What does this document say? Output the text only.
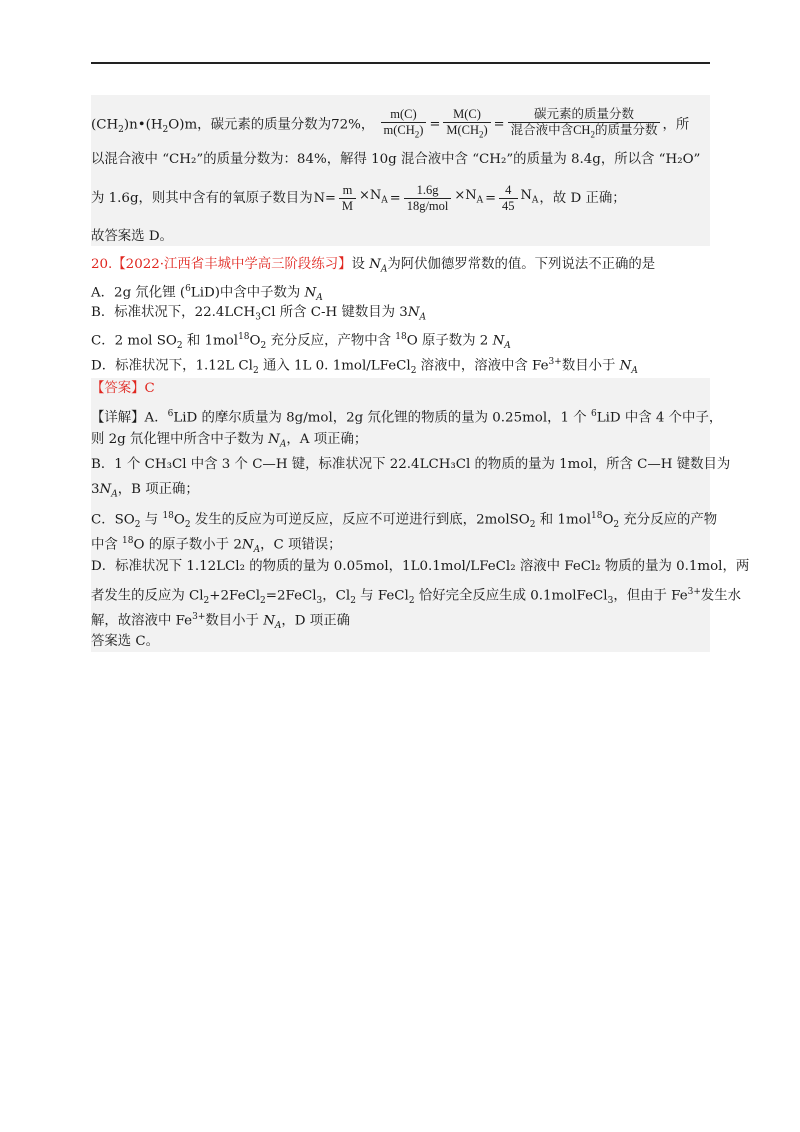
$(CH_2)n•(H_2O)m$，碳元素的质量分数为72%， $\frac{m(C)}{m(CH_2)} = \frac{M(C)}{M(CH_2)} = \frac{\text{碳元素的质量分数}}{混合液中含CH_2的质量分数}$ ，所
以混合液中 “CH₂”的质量分数为：84%，解得 10g 混合液中含 “CH₂”的质量为 8.4g，所以含 “H₂O”
为 1.6g，则其中含有的氧原子数目为$N= \frac{m}{M} \times N_A = \frac{1.6g}{\text{18g/mol}} \times N_A = \frac{4}{45} N_A$，故 D 正确；
故答案选 D。
20.【2022·江西省丰城中学高三阶段练习】设 $N_A$为阿伏伽德罗常数的值。下列说法不正确的是
A．2g 氘化锂 ($^6$LiD)中含中子数为 $N_A$
B．标准状况下，$22.4LCH_3Cl$ 所含 C-H 键数目为 $3N_A$
C．2 mol $SO_2$ 和 $1mol^{18}O_2$ 充分反应，产物中含 $^{18}$O 原子数为 2 $N_A$
D．标准状况下，1.12L $Cl_2$ 通入 1L 0. 1mol/LFeCl$_2$ 溶液中，溶液中含 $Fe^{3+}$数目小于 $N_A$
【答案】C
【详解】A．$^6$LiD 的摩尔质量为 8g/mol，2g 氘化锂的物质的量为 0.25mol，1 个 $^6$LiD 中含 4 个中子，
则 2g 氘化锂中所含中子数为 $N_A$，A 项正确；
B．1 个 CH₃Cl 中含 3 个 C—H 键，标准状况下 22.4LCH₃Cl 的物质的量为 1mol，所含 C—H 键数目为
$3N_A$，B 项正确；
C．$SO_2$ 与 $^{18}O_2$ 发生的反应为可逆反应，反应不可逆进行到底，2molSO$_2$ 和 $1mol^{18}O_2$ 充分反应的产物
中含 $^{18}$O 的原子数小于 $2N_A$，C 项错误；
D．标准状况下 1.12LCl₂ 的物质的量为 0.05mol，1L0.1mol/LFeCl₂ 溶液中 FeCl₂ 物质的量为 0.1mol，两
者发生的反应为 $Cl_2+2FeCl_2=2FeCl_3$，$Cl_2$ 与 FeCl$_2$ 恰好完全反应生成 0.1molFeCl$_3$，但由于 $Fe^{3+}$发生水
解，故溶液中 $Fe^{3+}$数目小于 $N_A$，D 项正确
答案选 C。
